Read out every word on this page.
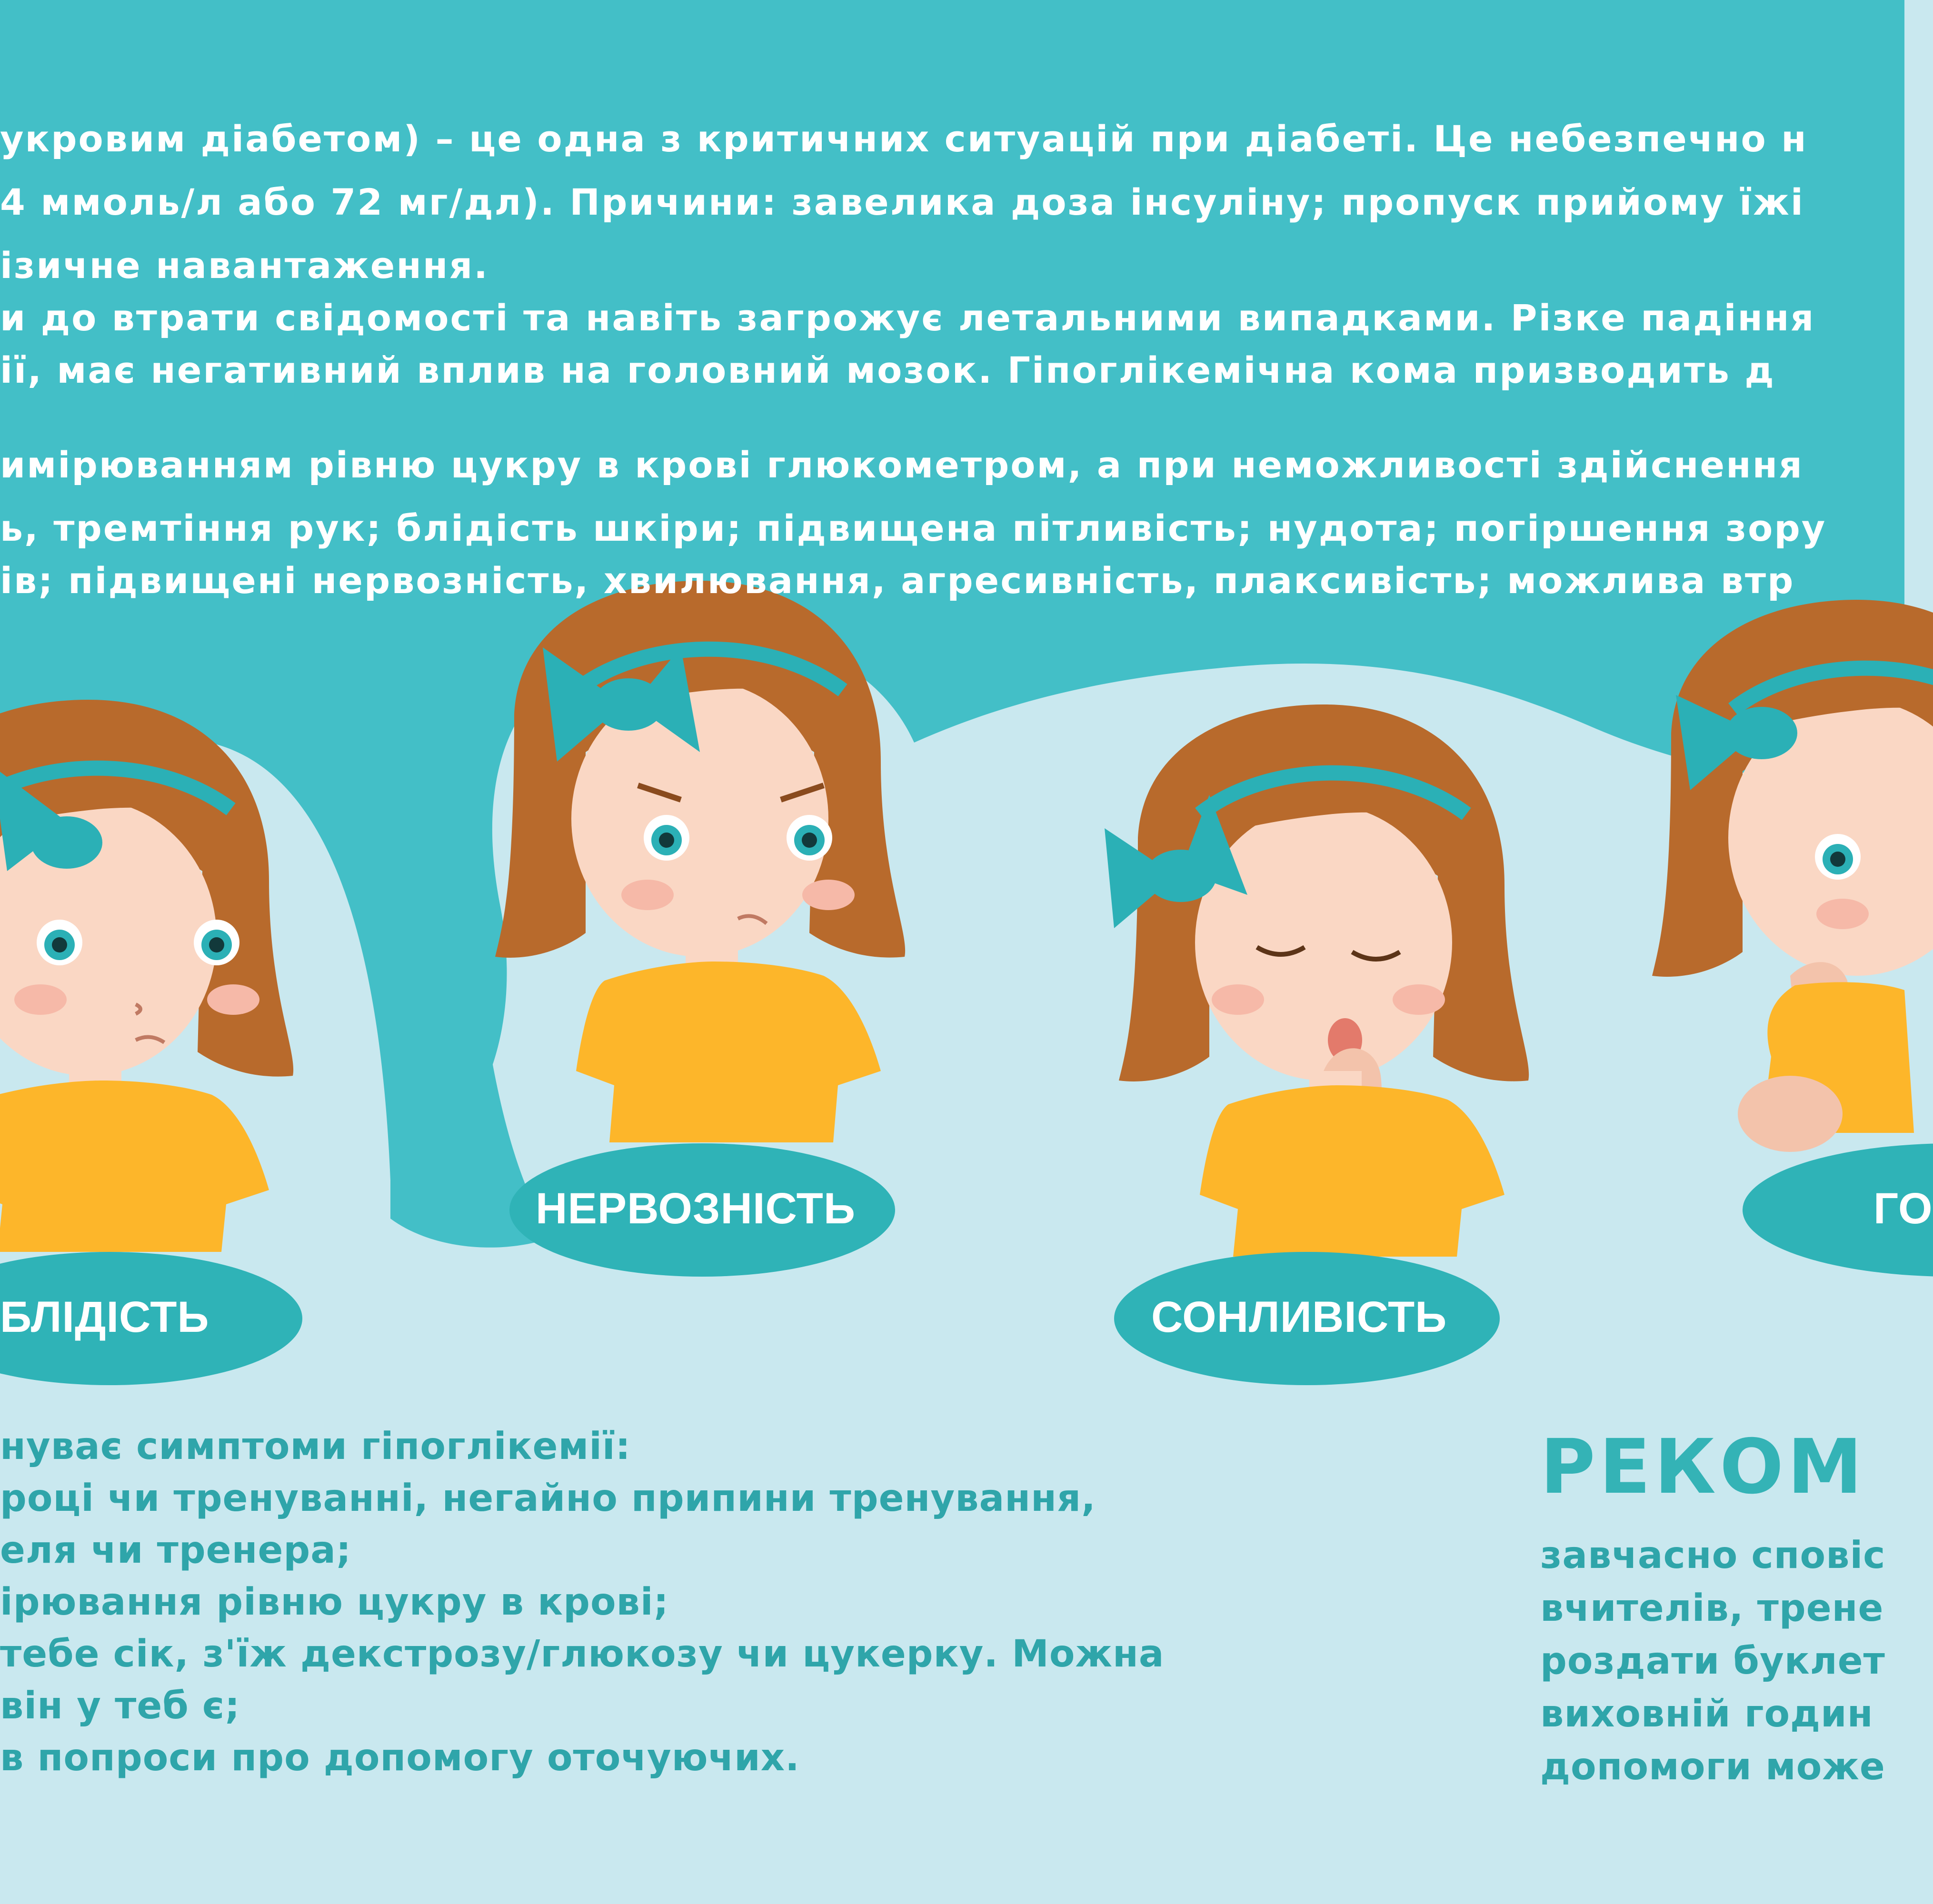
укровим діабетом) – це одна з критичних ситуацій при діабеті. Це небезпечно н

4 ммоль/л або 72 мг/дл). Причини: завелика доза інсуліну; пропуск прийому їжі

ізичне навантаження.

и до втрати свідомості та навіть загрожує летальними випадками. Різке падіння

ії, має негативний вплив на головний мозок. Гіпоглікемічна кома призводить д

имірюванням рівню цукру в крові глюкометром, а при неможливості здійснення

ь, тремтіння рук; блідість шкіри; підвищена пітливість; нудота; погіршення зору

ів; підвищені нервозність, хвилювання, агресивність, плаксивість; можлива втр

БЛІДІСТЬ
НЕРВОЗНІСТЬ
СОНЛИВІСТЬ
ГО

нуває симптоми гіпоглікемії:

році чи тренуванні, негайно припини тренування,

еля чи тренера;

ірювання рівню цукру в крові;

тебе сік, з'їж декстрозу/глюкозу чи цукерку. Можна

він у теб є;

в попроси про допомогу оточуючих.

РЕКОМ

завчасно сповіс

вчителів, трене

роздати буклет

виховній годин

допомоги може
